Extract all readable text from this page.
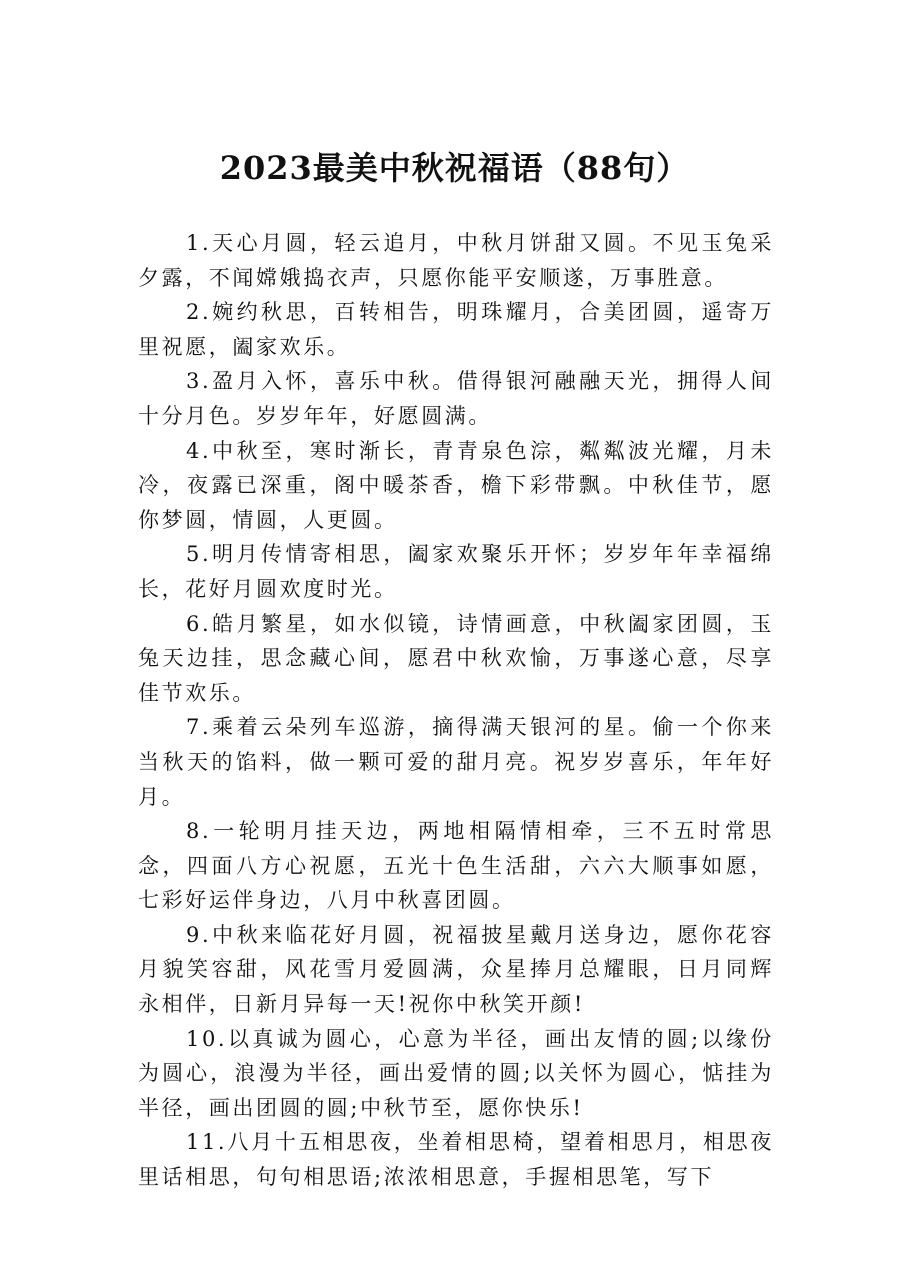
2023最美中秋祝福语（88句）

1.天心月圆，轻云追月，中秋月饼甜又圆。不见玉兔采夕露，不闻嫦娥捣衣声，只愿你能平安顺遂，万事胜意。

2.婉约秋思，百转相告，明珠耀月，合美团圆，遥寄万里祝愿，阖家欢乐。

3.盈月入怀，喜乐中秋。借得银河融融天光，拥得人间十分月色。岁岁年年，好愿圆满。

4.中秋至，寒时渐长，青青泉色淙，粼粼波光耀，月未冷，夜露已深重，阁中暖茶香，檐下彩带飘。中秋佳节，愿你梦圆，情圆，人更圆。

5.明月传情寄相思，阖家欢聚乐开怀；岁岁年年幸福绵长，花好月圆欢度时光。

6.皓月繁星，如水似镜，诗情画意，中秋阖家团圆，玉兔天边挂，思念藏心间，愿君中秋欢愉，万事遂心意，尽享佳节欢乐。

7.乘着云朵列车巡游，摘得满天银河的星。偷一个你来当秋天的馅料，做一颗可爱的甜月亮。祝岁岁喜乐，年年好月。

8.一轮明月挂天边，两地相隔情相牵，三不五时常思念，四面八方心祝愿，五光十色生活甜，六六大顺事如愿，七彩好运伴身边，八月中秋喜团圆。

9.中秋来临花好月圆，祝福披星戴月送身边，愿你花容月貌笑容甜，风花雪月爱圆满，众星捧月总耀眼，日月同辉永相伴，日新月异每一天!祝你中秋笑开颜!

10.以真诚为圆心，心意为半径，画出友情的圆;以缘份为圆心，浪漫为半径，画出爱情的圆;以关怀为圆心，惦挂为半径，画出团圆的圆;中秋节至，愿你快乐!

11.八月十五相思夜，坐着相思椅，望着相思月，相思夜里话相思，句句相思语;浓浓相思意，手握相思笔，写下
